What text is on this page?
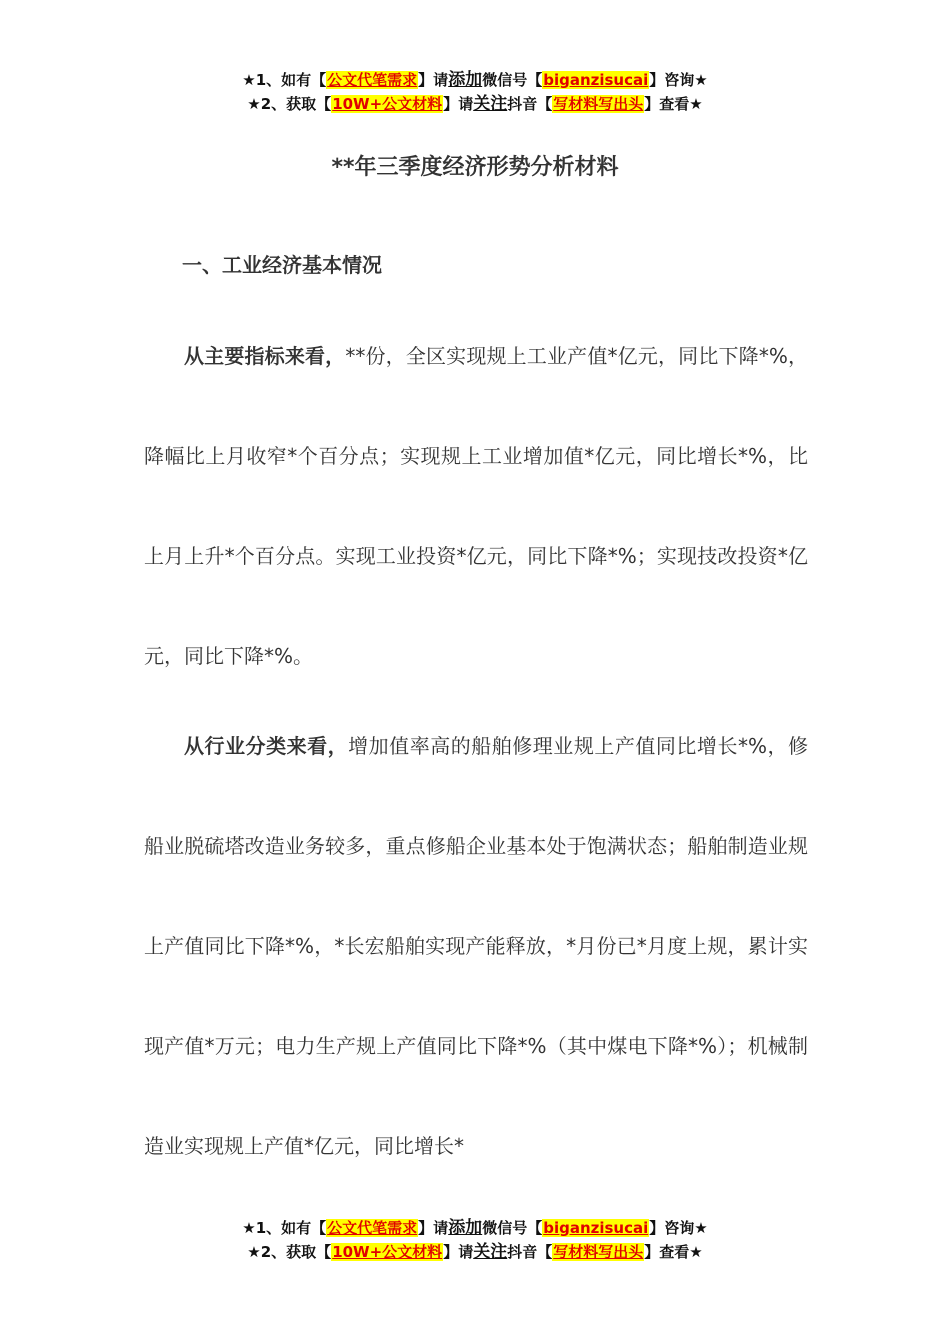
★1、如有【公文代笔需求】请添加微信号【biganzisucai】咨询★
★2、获取【10W+公文材料】请关注抖音【写材料写出头】查看★
**年三季度经济形势分析材料
一、工业经济基本情况

从主要指标来看，**份，全区实现规上工业产值*亿元，同比下降*%，降幅比上月收窄*个百分点；实现规上工业增加值*亿元，同比增长*%，比上月上升*个百分点。实现工业投资*亿元，同比下降*%；实现技改投资*亿元，同比下降*%。

从行业分类来看，增加值率高的船舶修理业规上产值同比增长*%，修船业脱硫塔改造业务较多，重点修船企业基本处于饱满状态；船舶制造业规上产值同比下降*%，*长宏船舶实现产能释放，*月份已*月度上规，累计实现产值*万元；电力生产规上产值同比下降*%（其中煤电下降*%）；机械制造业实现规上产值*亿元，同比增长*

★1、如有【公文代笔需求】请添加微信号【biganzisucai】咨询★
★2、获取【10W+公文材料】请关注抖音【写材料写出头】查看★
